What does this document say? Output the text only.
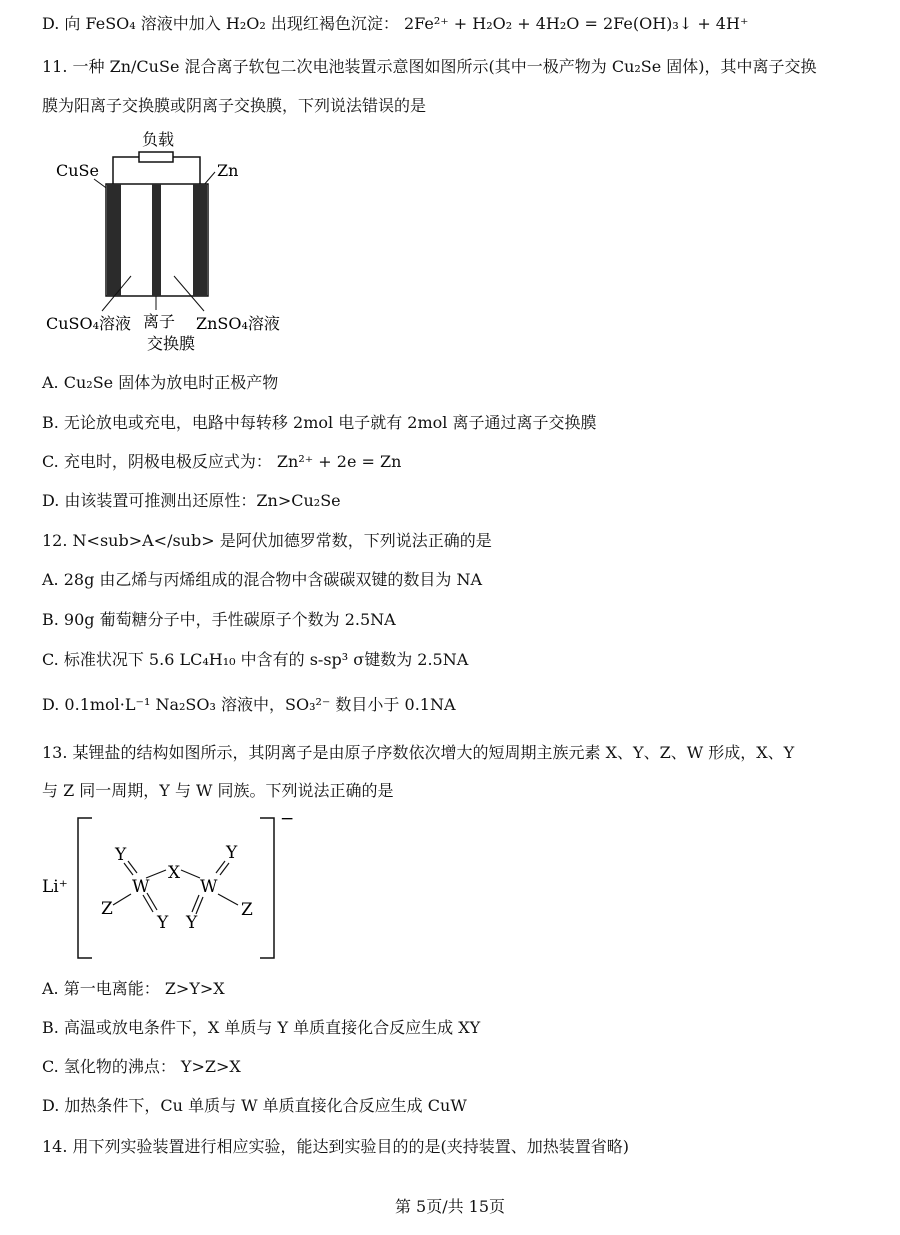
D. 向 FeSO₄ 溶液中加入 H₂O₂ 出现红褐色沉淀： 2Fe²⁺ + H₂O₂ + 4H₂O = 2Fe(OH)₃↓ + 4H⁺
11. 一种 Zn/CuSe 混合离子软包二次电池装置示意图如图所示(其中一极产物为 Cu₂Se 固体)，其中离子交换
膜为阳离子交换膜或阴离子交换膜，下列说法错误的是
负载
CuSe	Zn
CuSO₄溶液 离子
交换膜
ZnSO₄溶液
A. Cu₂Se 固体为放电时正极产物
B. 无论放电或充电，电路中每转移 2mol 电子就有 2mol 离子通过离子交换膜
C. 充电时，阴极电极反应式为： Zn²⁺ + 2e = Zn
D. 由该装置可推测出还原性：Zn>Cu₂Se
12. N<sub>A</sub> 是阿伏加德罗常数，下列说法正确的是
A. 28g 由乙烯与丙烯组成的混合物中含碳碳双键的数目为 NA
B. 90g 葡萄糖分子中，手性碳原子个数为 2.5NA
C. 标准状况下 5.6 LC₄H₁₀ 中含有的 s-sp³ σ键数为 2.5NA
D. 0.1mol·L⁻¹ Na₂SO₃ 溶液中，SO₃²⁻ 数目小于 0.1NA
13. 某锂盐的结构如图所示，其阴离子是由原子序数依次增大的短周期主族元素 X、Y、Z、W 形成，X、Y
与 Z 同一周期，Y 与 W 同族。下列说法正确的是
Li⁺
−
W
X
W
Y	Y
Z	Z
Y Y
A. 第一电离能： Z>Y>X
B. 高温或放电条件下，X 单质与 Y 单质直接化合反应生成 XY
C. 氢化物的沸点： Y>Z>X
D. 加热条件下，Cu 单质与 W 单质直接化合反应生成 CuW
14. 用下列实验装置进行相应实验，能达到实验目的的是(夹持装置、加热装置省略)
第 5页/共 15页
